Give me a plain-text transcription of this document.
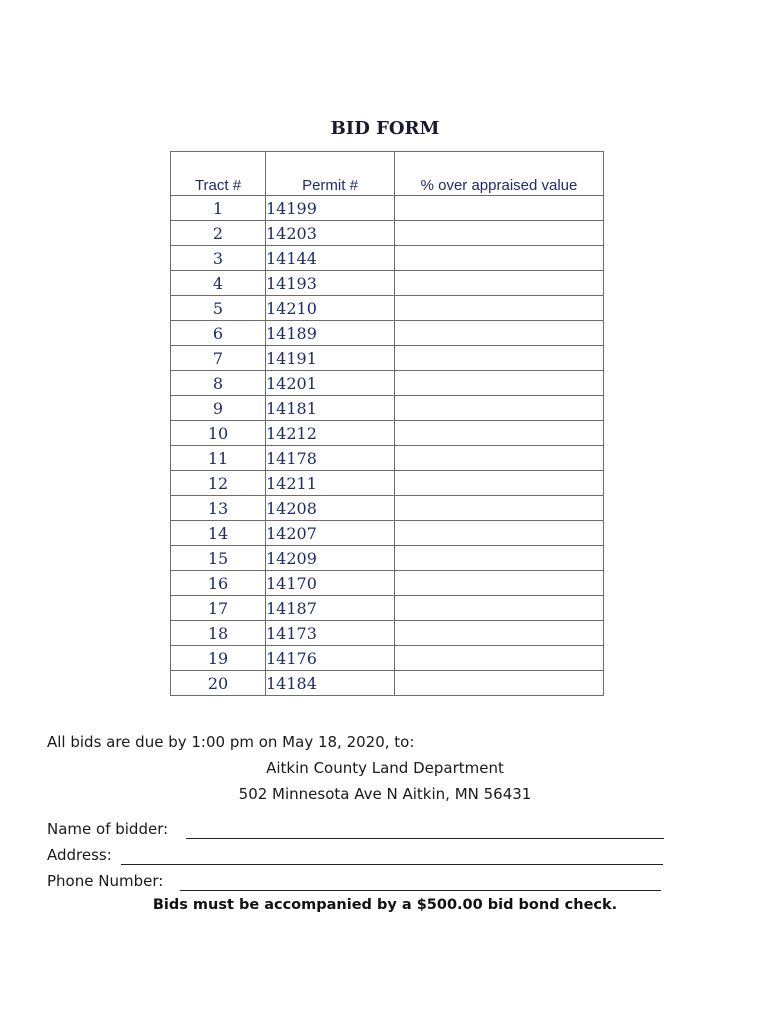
BID FORM
Tract #	Permit #	% over appraised value
1	14199	
2	14203	
3	14144	
4	14193	
5	14210	
6	14189	
7	14191	
8	14201	
9	14181	
10	14212	
11	14178	
12	14211	
13	14208	
14	14207	
15	14209	
16	14170	
17	14187	
18	14173	
19	14176	
20	14184	
All bids are due by 1:00 pm on May 18, 2020, to:
Aitkin County Land Department
502 Minnesota Ave N Aitkin, MN 56431
Name of bidder:
Address:
Phone Number:
Bids must be accompanied by a $500.00 bid bond check.
